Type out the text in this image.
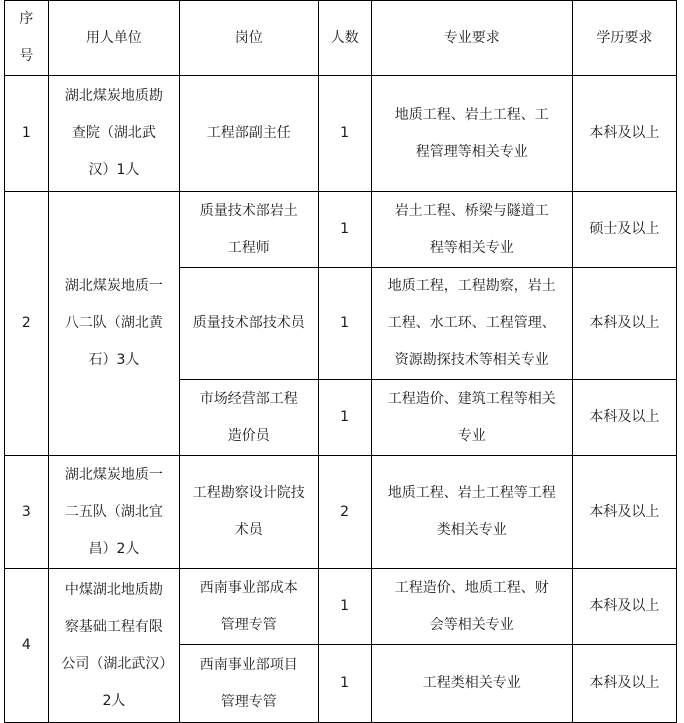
序号	用人单位	岗位	人数	专业要求	学历要求
1	湖北煤炭地质勘查院（湖北武汉）1人	工程部副主任	1	地质工程、岩土工程、工程管理等相关专业	本科及以上
2	湖北煤炭地质一八二队（湖北黄石）3人	质量技术部岩土工程师	1	岩土工程、桥梁与隧道工程等相关专业	硕士及以上
		质量技术部技术员	1	地质工程，工程勘察，岩土工程、水工环、工程管理、资源勘探技术等相关专业	本科及以上
		市场经营部工程造价员	1	工程造价、建筑工程等相关专业	本科及以上
3	湖北煤炭地质一二五队（湖北宜昌）2人	工程勘察设计院技术员	2	地质工程、岩土工程等工程类相关专业	本科及以上
4	中煤湖北地质勘察基础工程有限公司（湖北武汉）2人	西南事业部成本管理专管	1	工程造价、地质工程、财会等相关专业	本科及以上
		西南事业部项目管理专管	1	工程类相关专业	本科及以上
